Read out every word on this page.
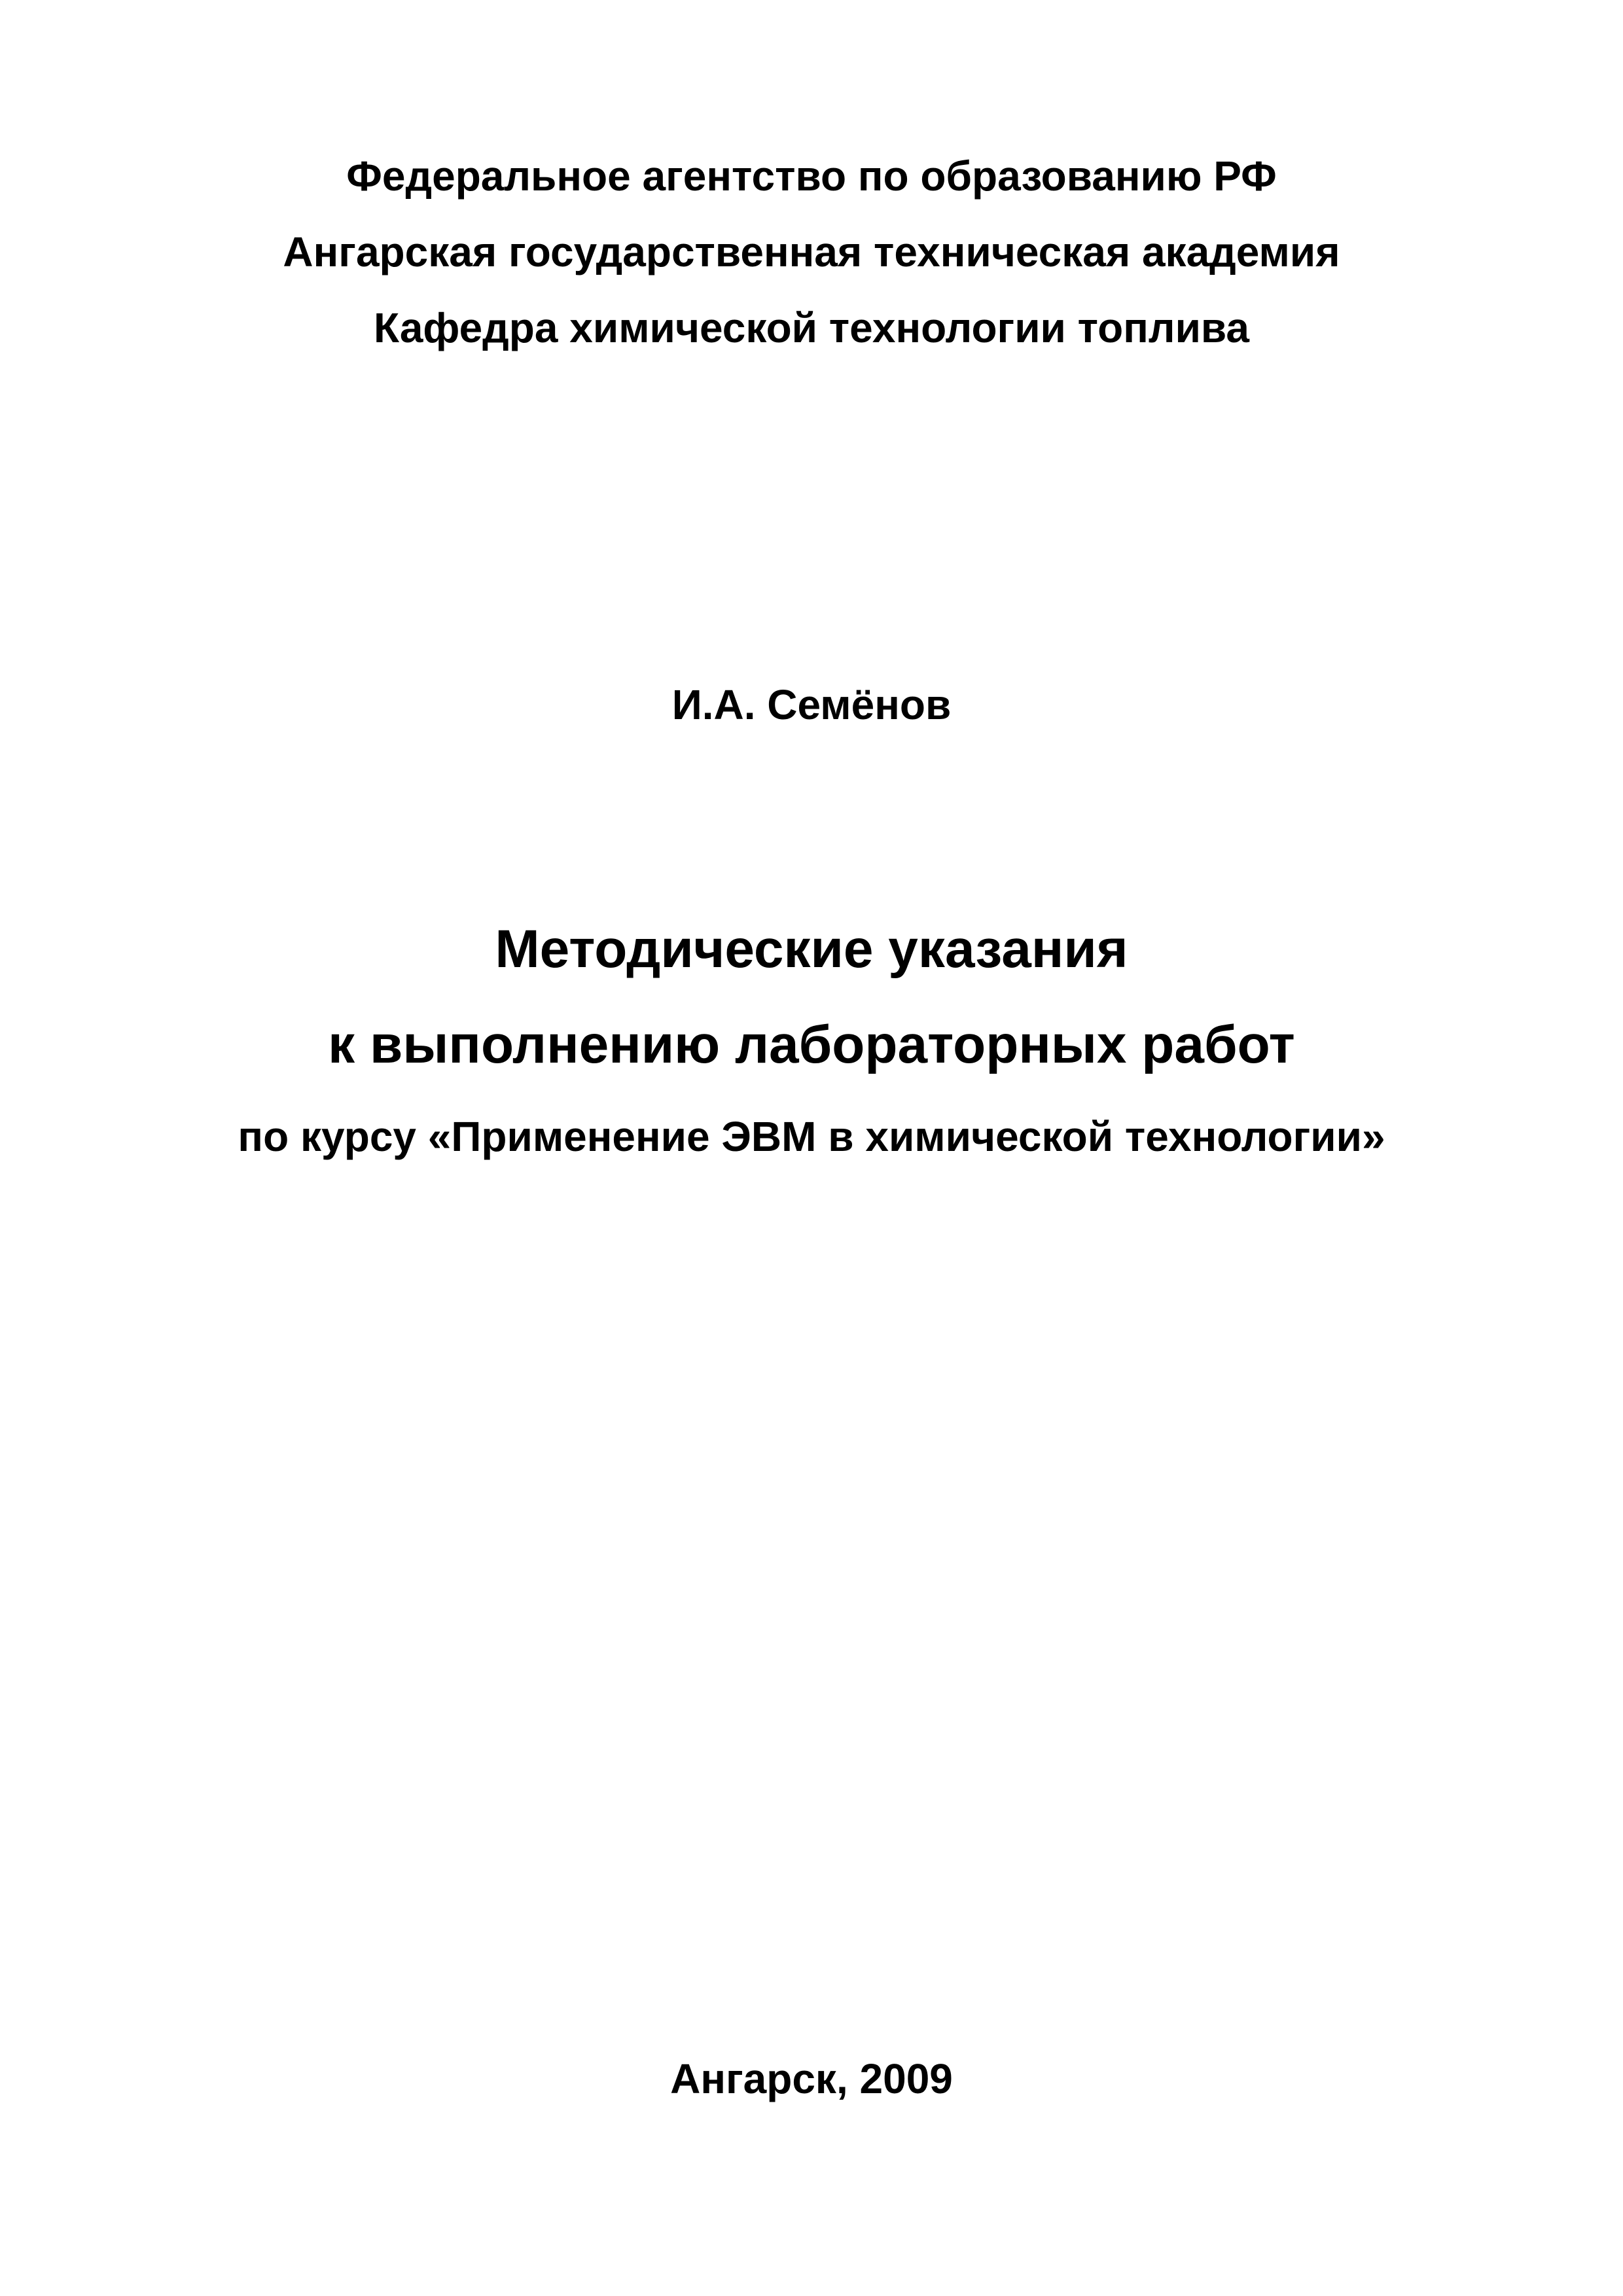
Федеральное агентство по образованию РФ
Ангарская государственная техническая академия
Кафедра химической технологии топлива
И.А. Семёнов
Методические указания
к выполнению лабораторных работ
по курсу «Применение ЭВМ в химической технологии»
Ангарск, 2009
